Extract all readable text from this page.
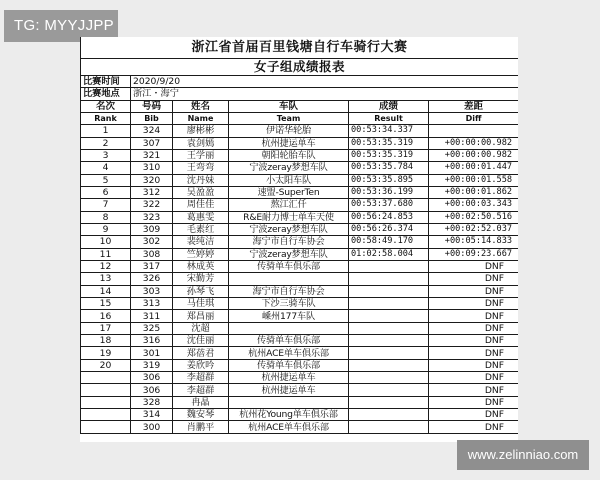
TG: MYYJJPP
浙江省首届百里钱塘自行车骑行大赛					
女子组成绩报表					
比赛时间	2020/9/20				
比赛地点	浙江・海宁				
名次	号码	姓名	车队	成绩	差距
Rank	Bib	Name	Team	Result	Diff
1	324	廖彬彬	伊诺华轮胎	00:53:34.337	
2	307	袁剑嫣	杭州捷运单车	00:53:35.319	+00:00:00.982
3	321	王学丽	朝阳轮胎车队	00:53:35.319	+00:00:00.982
4	310	王弯弯	宁波zeray梦想车队	00:53:35.784	+00:00:01.447
5	320	沈丹妹	小太阳车队	00:53:35.895	+00:00:01.558
6	312	吴盈盈	速盟-SuperTen	00:53:36.199	+00:00:01.862
7	322	周佳佳	熬江汇仟	00:53:37.680	+00:00:03.343
8	323	葛惠雯	R&E耐力博士单车天使	00:56:24.853	+00:02:50.516
9	309	毛素红	宁波zeray梦想车队	00:56:26.374	+00:02:52.037
10	302	裴纯洁	海宁市自行车协会	00:58:49.170	+00:05:14.833
11	308	竺婷婷	宁波zeray梦想车队	01:02:58.004	+00:09:23.667
12	317	林成英	传骑单车俱乐部		DNF
13	326	宋勤芳			DNF
14	303	孙琴飞	海宁市自行车协会		DNF
15	313	马佳琪	下沙三骑车队		DNF
16	311	郑昌丽	嵊州177车队		DNF
17	325	沈超			DNF
18	316	沈佳丽	传骑单车俱乐部		DNF
19	301	郑蓓君	杭州ACE单车俱乐部		DNF
20	319	姜欣吟	传骑单车俱乐部		DNF
	306	李超群	杭州捷运单车		DNF
	306	李超群	杭州捷运单车		DNF
	328	冉晶			DNF
	314	魏安琴	杭州花Young单车俱乐部		DNF
	300	肖鹏平	杭州ACE单车俱乐部		DNF
www.zelinniao.com
